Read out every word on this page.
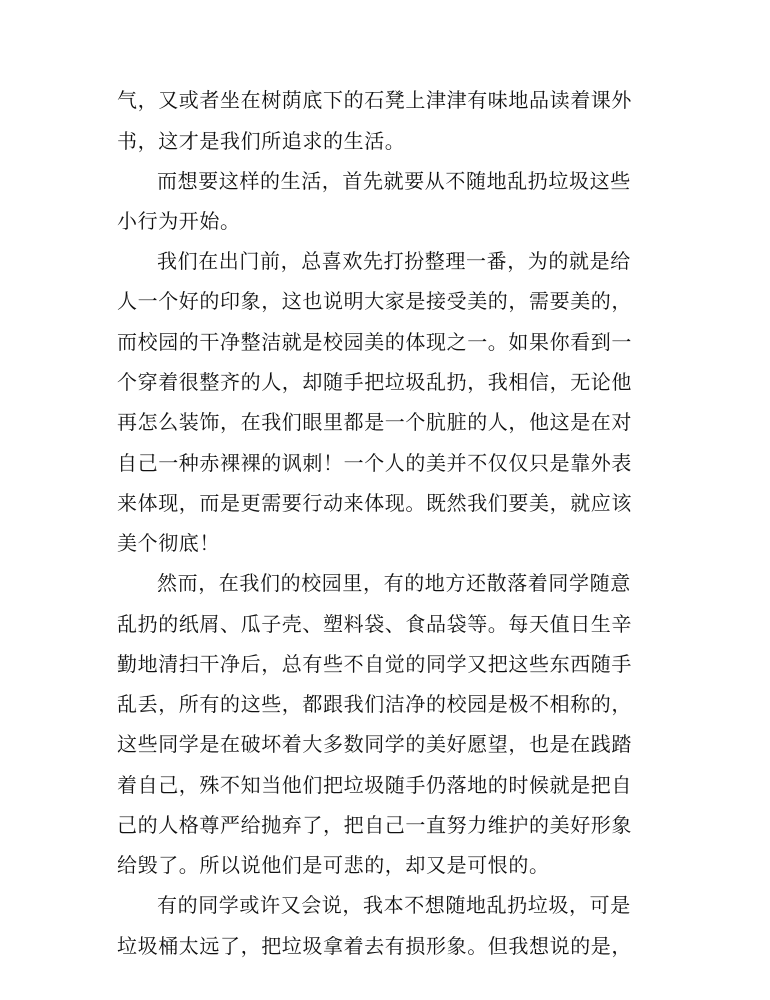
气，又或者坐在树荫底下的石凳上津津有味地品读着课外
书，这才是我们所追求的生活。
而想要这样的生活，首先就要从不随地乱扔垃圾这些
小行为开始。
我们在出门前，总喜欢先打扮整理一番，为的就是给
人一个好的印象，这也说明大家是接受美的，需要美的，
而校园的干净整洁就是校园美的体现之一。如果你看到一
个穿着很整齐的人，却随手把垃圾乱扔，我相信，无论他
再怎么装饰，在我们眼里都是一个肮脏的人，他这是在对
自己一种赤裸裸的讽刺！一个人的美并不仅仅只是靠外表
来体现，而是更需要行动来体现。既然我们要美，就应该
美个彻底！
然而，在我们的校园里，有的地方还散落着同学随意
乱扔的纸屑、瓜子壳、塑料袋、食品袋等。每天值日生辛
勤地清扫干净后，总有些不自觉的同学又把这些东西随手
乱丢，所有的这些，都跟我们洁净的校园是极不相称的，
这些同学是在破坏着大多数同学的美好愿望，也是在践踏
着自己，殊不知当他们把垃圾随手仍落地的时候就是把自
己的人格尊严给抛弃了，把自己一直努力维护的美好形象
给毁了。所以说他们是可悲的，却又是可恨的。
有的同学或许又会说，我本不想随地乱扔垃圾，可是
垃圾桶太远了，把垃圾拿着去有损形象。但我想说的是，
